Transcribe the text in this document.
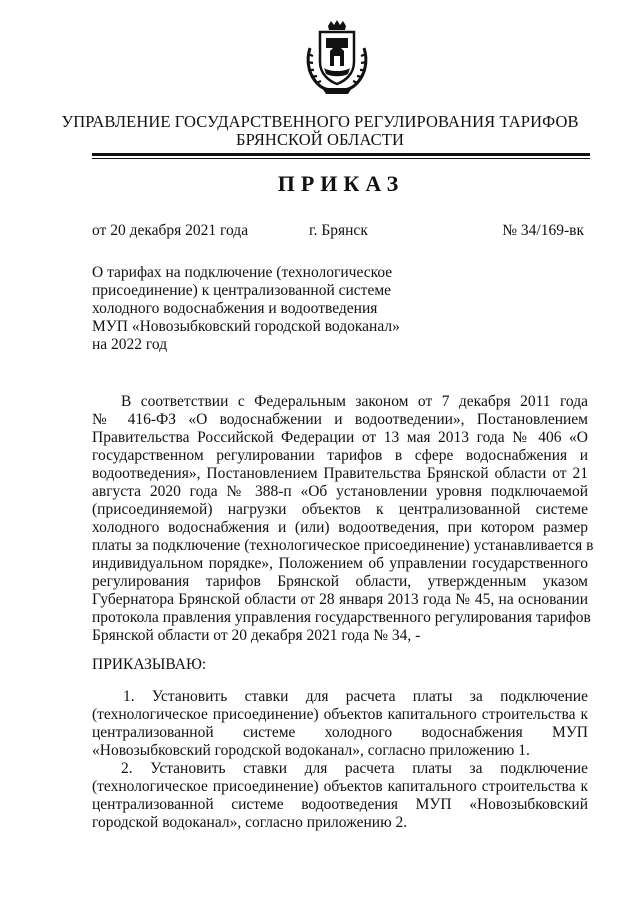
УПРАВЛЕНИЕ ГОСУДАРСТВЕННОГО РЕГУЛИРОВАНИЯ ТАРИФОВ
БРЯНСКОЙ ОБЛАСТИ
ПРИКАЗ
от 20 декабря 2021 года	г. Брянск	№ 34/169-вк
О тарифах на подключение (технологическое
присоединение) к централизованной системе
холодного водоснабжения и водоотведения
МУП «Новозыбковский городской водоканал»
на 2022 год
В соответствии с Федеральным законом от 7 декабря 2011 года
№ 416-ФЗ «О водоснабжении и водоотведении», Постановлением
Правительства Российской Федерации от 13 мая 2013 года № 406 «О
государственном регулировании тарифов в сфере водоснабжения и
водоотведения», Постановлением Правительства Брянской области от 21
августа 2020 года № 388-п «Об установлении уровня подключаемой
(присоединяемой) нагрузки объектов к централизованной системе
холодного водоснабжения и (или) водоотведения, при котором размер
платы за подключение (технологическое присоединение) устанавливается в
индивидуальном порядке», Положением об управлении государственного
регулирования тарифов Брянской области, утвержденным указом
Губернатора Брянской области от 28 января 2013 года № 45, на основании
протокола правления управления государственного регулирования тарифов
Брянской области от 20 декабря 2021 года № 34, -
ПРИКАЗЫВАЮ:
1. Установить ставки для расчета платы за подключение
(технологическое присоединение) объектов капитального строительства к
централизованной системе холодного водоснабжения МУП
«Новозыбковский городской водоканал», согласно приложению 1.
2. Установить ставки для расчета платы за подключение
(технологическое присоединение) объектов капитального строительства к
централизованной системе водоотведения МУП «Новозыбковский
городской водоканал», согласно приложению 2.
